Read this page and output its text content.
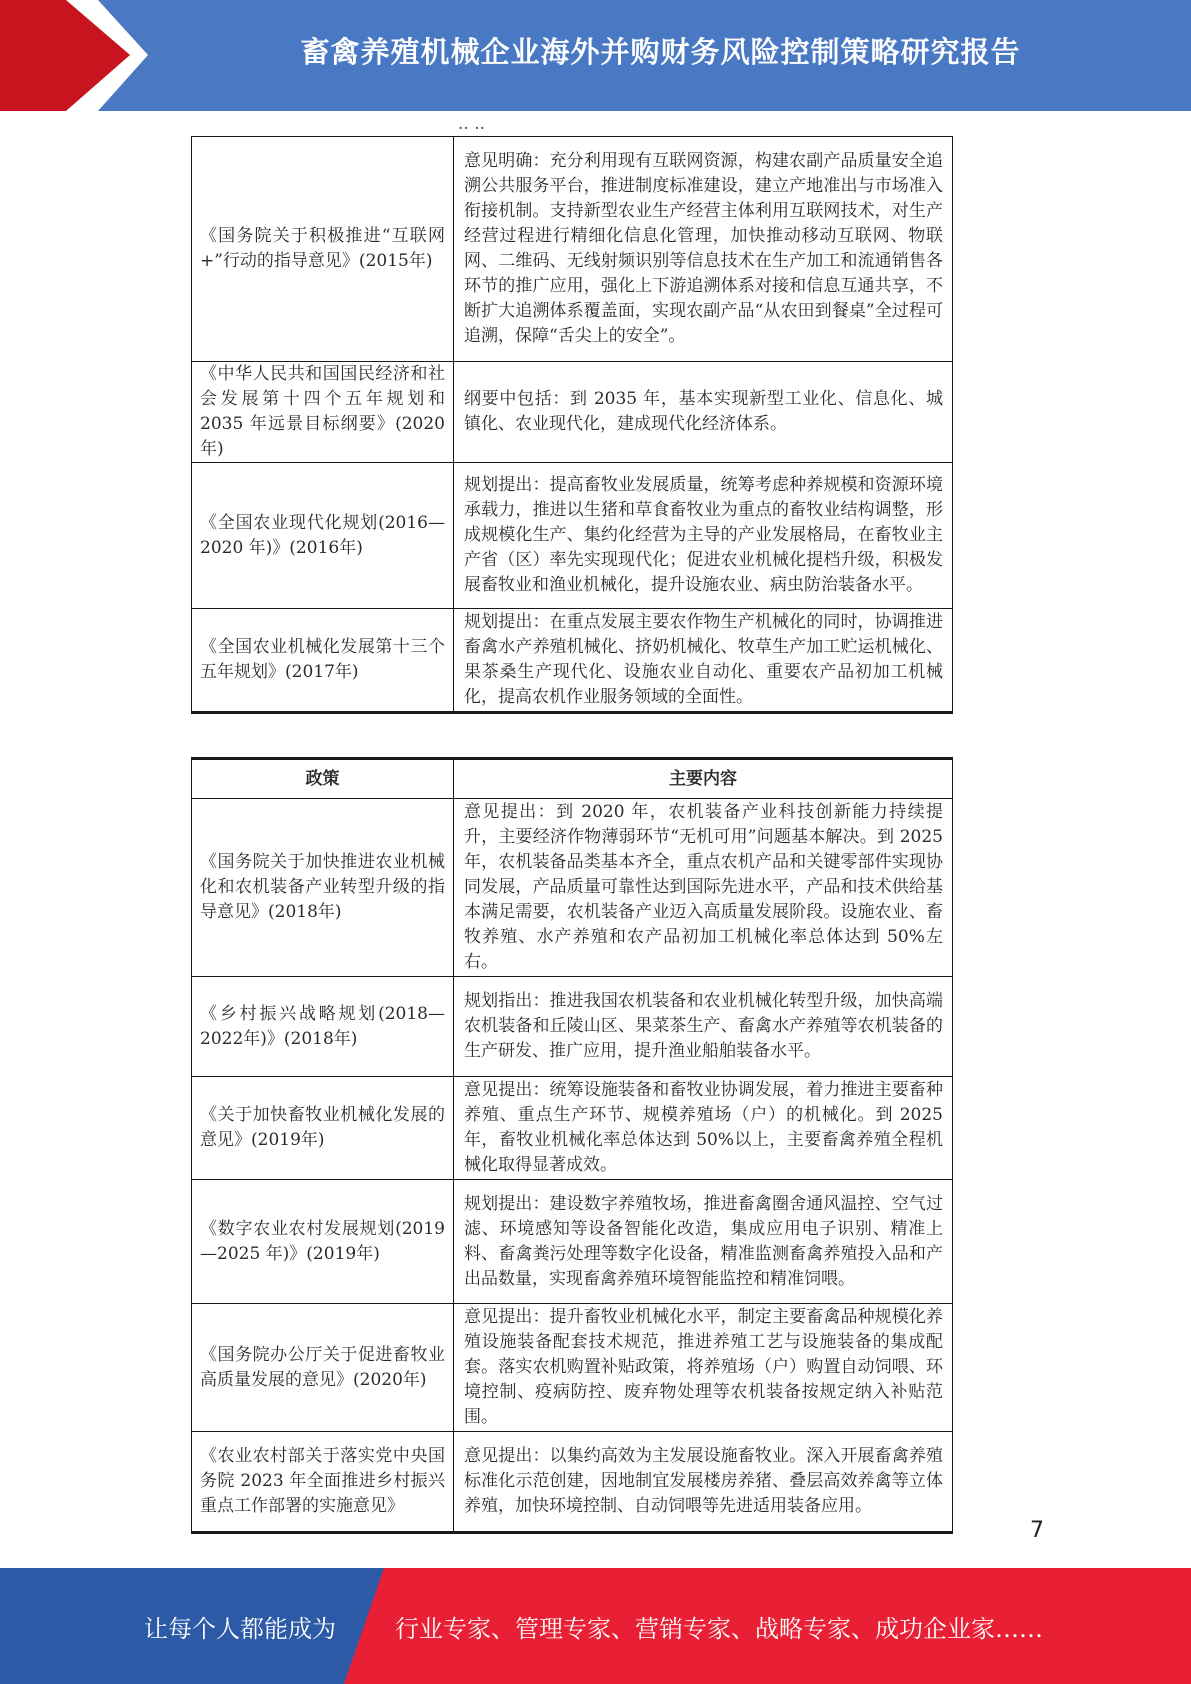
畜禽养殖机械企业海外并购财务风险控制策略研究报告
·· ··
《国务院关于积极推进“互联网+”行动的指导意见》(2015年)	意见明确：充分利用现有互联网资源，构建农副产品质量安全追溯公共服务平台，推进制度标准建设，建立产地准出与市场准入衔接机制。支持新型农业生产经营主体利用互联网技术，对生产经营过程进行精细化信息化管理，加快推动移动互联网、物联网、二维码、无线射频识别等信息技术在生产加工和流通销售各环节的推广应用，强化上下游追溯体系对接和信息互通共享，不断扩大追溯体系覆盖面，实现农副产品“从农田到餐桌”全过程可追溯，保障“舌尖上的安全”。
《中华人民共和国国民经济和社会发展第十四个五年规划和 2035 年远景目标纲要》(2020年)	纲要中包括：到 2035 年，基本实现新型工业化、信息化、城镇化、农业现代化，建成现代化经济体系。
《全国农业现代化规划(2016—2020 年)》(2016年)	规划提出：提高畜牧业发展质量，统筹考虑种养规模和资源环境承载力，推进以生猪和草食畜牧业为重点的畜牧业结构调整，形成规模化生产、集约化经营为主导的产业发展格局，在畜牧业主产省（区）率先实现现代化；促进农业机械化提档升级，积极发展畜牧业和渔业机械化，提升设施农业、病虫防治装备水平。
《全国农业机械化发展第十三个五年规划》(2017年)	规划提出：在重点发展主要农作物生产机械化的同时，协调推进畜禽水产养殖机械化、挤奶机械化、牧草生产加工贮运机械化、果茶桑生产现代化、设施农业自动化、重要农产品初加工机械化，提高农机作业服务领域的全面性。
政策	主要内容
《国务院关于加快推进农业机械化和农机装备产业转型升级的指导意见》(2018年)	意见提出：到 2020 年，农机装备产业科技创新能力持续提升，主要经济作物薄弱环节“无机可用”问题基本解决。到 2025 年，农机装备品类基本齐全，重点农机产品和关键零部件实现协同发展，产品质量可靠性达到国际先进水平，产品和技术供给基本满足需要，农机装备产业迈入高质量发展阶段。设施农业、畜牧养殖、水产养殖和农产品初加工机械化率总体达到 50%左右。
《乡村振兴战略规划(2018—2022年)》(2018年)	规划指出：推进我国农机装备和农业机械化转型升级，加快高端农机装备和丘陵山区、果菜茶生产、畜禽水产养殖等农机装备的生产研发、推广应用，提升渔业船舶装备水平。
《关于加快畜牧业机械化发展的意见》(2019年)	意见提出：统筹设施装备和畜牧业协调发展，着力推进主要畜种养殖、重点生产环节、规模养殖场（户）的机械化。到 2025 年，畜牧业机械化率总体达到 50%以上，主要畜禽养殖全程机械化取得显著成效。
《数字农业农村发展规划(2019—2025 年)》(2019年)	规划提出：建设数字养殖牧场，推进畜禽圈舍通风温控、空气过滤、环境感知等设备智能化改造，集成应用电子识别、精准上料、畜禽粪污处理等数字化设备，精准监测畜禽养殖投入品和产出品数量，实现畜禽养殖环境智能监控和精准饲喂。
《国务院办公厅关于促进畜牧业高质量发展的意见》(2020年)	意见提出：提升畜牧业机械化水平，制定主要畜禽品种规模化养殖设施装备配套技术规范，推进养殖工艺与设施装备的集成配套。落实农机购置补贴政策，将养殖场（户）购置自动饲喂、环境控制、疫病防控、废弃物处理等农机装备按规定纳入补贴范围。
《农业农村部关于落实党中央国务院 2023 年全面推进乡村振兴重点工作部署的实施意见》	意见提出：以集约高效为主发展设施畜牧业。深入开展畜禽养殖标准化示范创建，因地制宜发展楼房养猪、叠层高效养禽等立体养殖，加快环境控制、自动饲喂等先进适用装备应用。
7
让每个人都能成为	行业专家、管理专家、营销专家、战略专家、成功企业家……
